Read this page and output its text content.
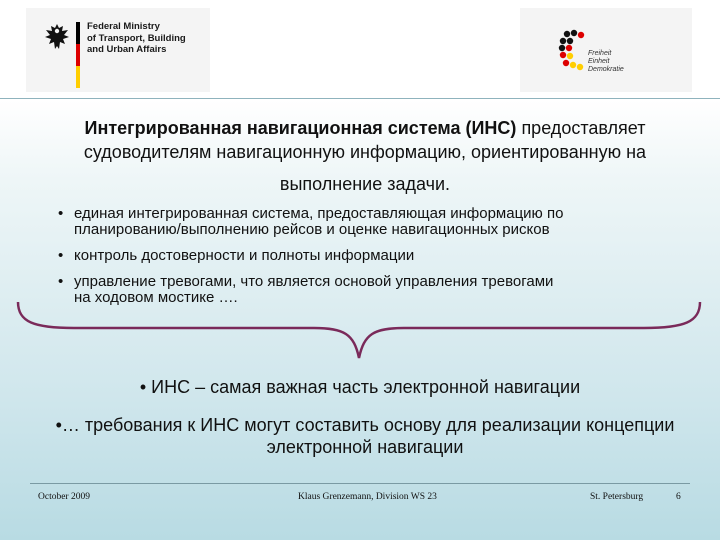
Federal Ministry
of Transport, Building
and Urban Affairs	Freiheit
Einheit
Demokratie
Интегрированная навигационная система (ИНС) предоставляет
судоводителям навигационную информацию, ориентированную на
выполнение задачи.
• единая интегрированная система, предоставляющая информацию по
планированию/выполнению рейсов и оценке навигационных рисков
• контроль достоверности и полноты информации
• управление тревогами, что является основой управления тревогами
на ходовом мостике ….
• ИНС – самая важная часть электронной навигации
•… требования к ИНС могут составить основу для реализации концепции
электронной навигации
October 2009	Klaus Grenzemann, Division WS 23	St. Petersburg	6
